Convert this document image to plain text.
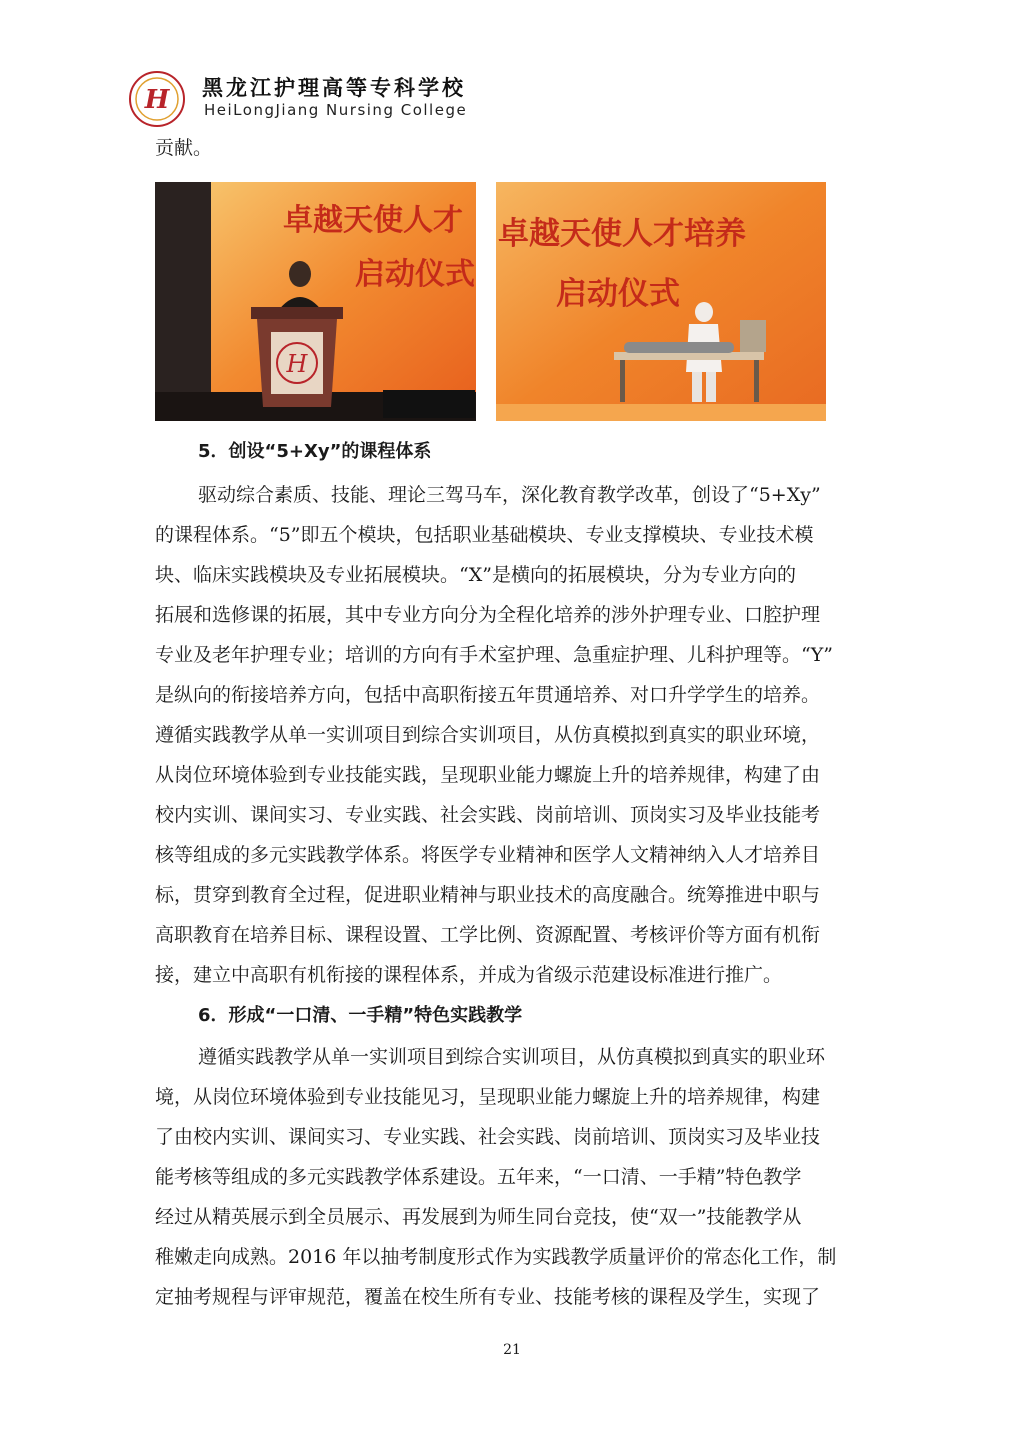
H 黑龙江护理高等专科学校
HeiLongJiang Nursing College
贡献。
卓越天使人才
启动仪式
H
卓越天使人才培养
启动仪式
5．创设“5+Xy”的课程体系
驱动综合素质、技能、理论三驾马车，深化教育教学改革，创设了“5+Xy”
的课程体系。“5”即五个模块，包括职业基础模块、专业支撑模块、专业技术模
块、临床实践模块及专业拓展模块。“X”是横向的拓展模块，分为专业方向的
拓展和选修课的拓展，其中专业方向分为全程化培养的涉外护理专业、口腔护理
专业及老年护理专业；培训的方向有手术室护理、急重症护理、儿科护理等。“Y”
是纵向的衔接培养方向，包括中高职衔接五年贯通培养、对口升学学生的培养。
遵循实践教学从单一实训项目到综合实训项目，从仿真模拟到真实的职业环境，
从岗位环境体验到专业技能实践，呈现职业能力螺旋上升的培养规律，构建了由
校内实训、课间实习、专业实践、社会实践、岗前培训、顶岗实习及毕业技能考
核等组成的多元实践教学体系。将医学专业精神和医学人文精神纳入人才培养目
标，贯穿到教育全过程，促进职业精神与职业技术的高度融合。统筹推进中职与
高职教育在培养目标、课程设置、工学比例、资源配置、考核评价等方面有机衔
接，建立中高职有机衔接的课程体系，并成为省级示范建设标准进行推广。
6．形成“一口清、一手精”特色实践教学
遵循实践教学从单一实训项目到综合实训项目，从仿真模拟到真实的职业环
境，从岗位环境体验到专业技能见习，呈现职业能力螺旋上升的培养规律，构建
了由校内实训、课间实习、专业实践、社会实践、岗前培训、顶岗实习及毕业技
能考核等组成的多元实践教学体系建设。五年来，“一口清、一手精”特色教学
经过从精英展示到全员展示、再发展到为师生同台竞技，使“双一”技能教学从
稚嫩走向成熟。2016 年以抽考制度形式作为实践教学质量评价的常态化工作，制
定抽考规程与评审规范，覆盖在校生所有专业、技能考核的课程及学生，实现了
21
